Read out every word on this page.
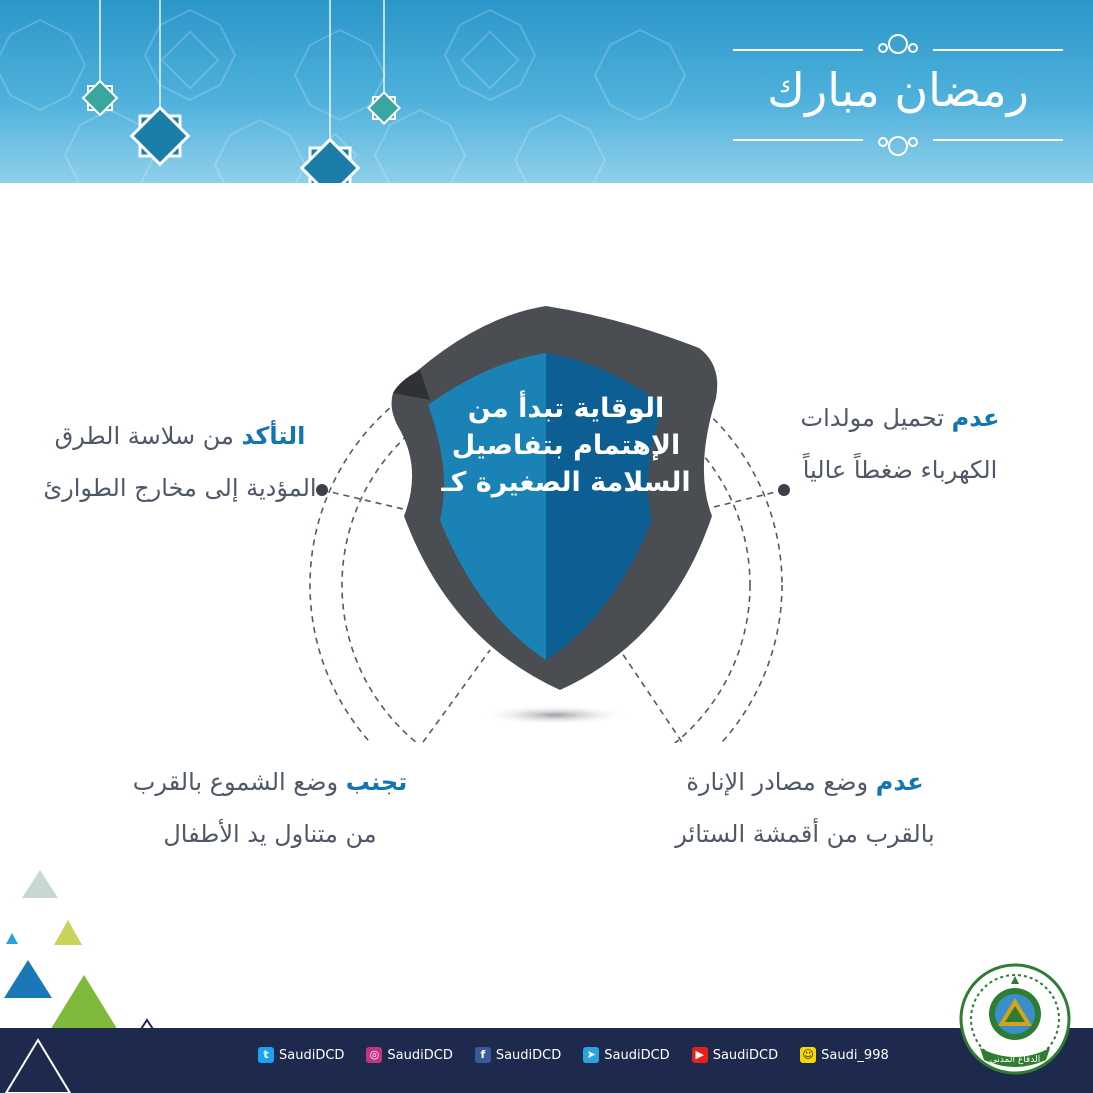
رمضان مبارك
الوقاية تبدأ من الإهتمام بتفاصيل السلامة الصغيرة كـ
التأكد من سلاسة الطرق المؤدية إلى مخارج الطوارئ
عدم تحميل مولدات الكهرباء ضغطاً عالياً
تجنب وضع الشموع بالقرب من متناول يد الأطفال
عدم وضع مصادر الإنارة بالقرب من أقمشة الستائر
t SaudiDCD ◎ SaudiDCD	f SaudiDCD	➤ SaudiDCD	▶ SaudiDCD ☺ Saudi_998	الدفاع المدني
